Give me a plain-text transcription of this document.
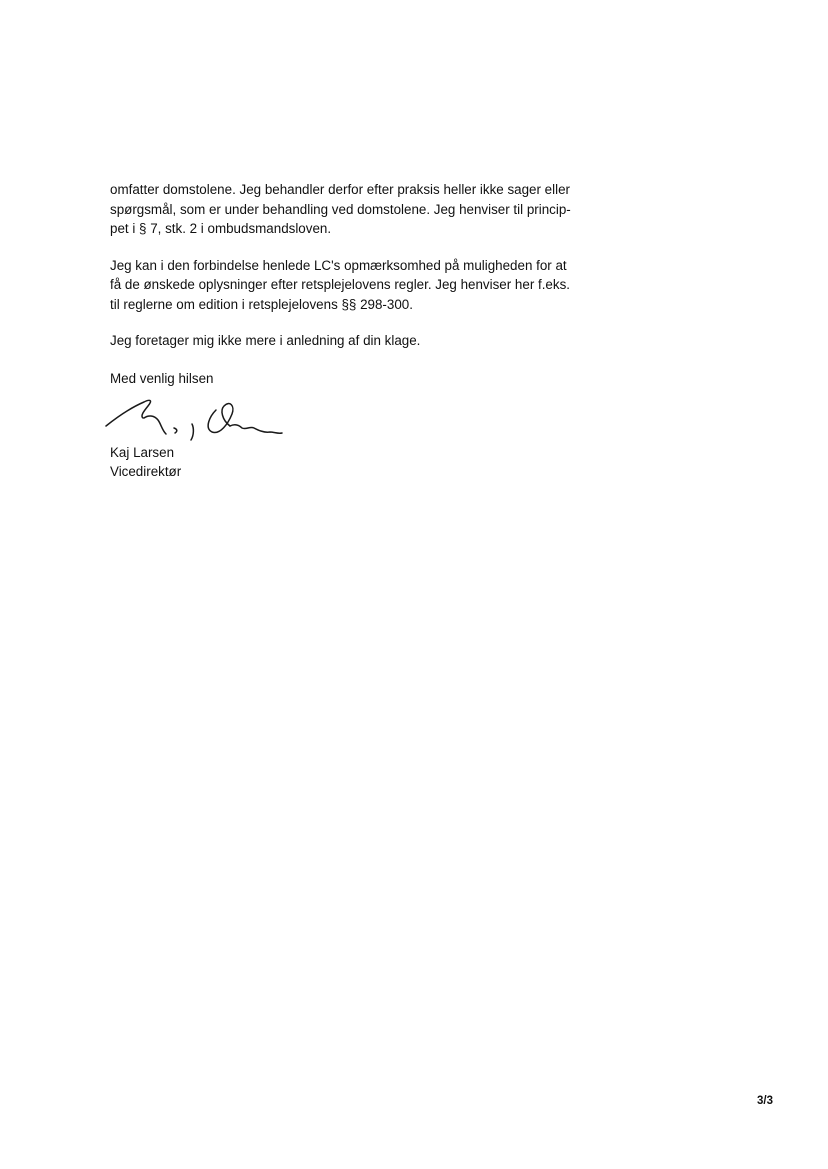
omfatter domstolene. Jeg behandler derfor efter praksis heller ikke sager eller
spørgsmål, som er under behandling ved domstolene. Jeg henviser til princip-
pet i § 7, stk. 2 i ombudsmandsloven.

Jeg kan i den forbindelse henlede LC's opmærksomhed på muligheden for at
få de ønskede oplysninger efter retsplejelovens regler. Jeg henviser her f.eks.
til reglerne om edition i retsplejelovens §§ 298-300.

Jeg foretager mig ikke mere i anledning af din klage.

Med venlig hilsen
Kaj Larsen
Vicedirektør
3/3
